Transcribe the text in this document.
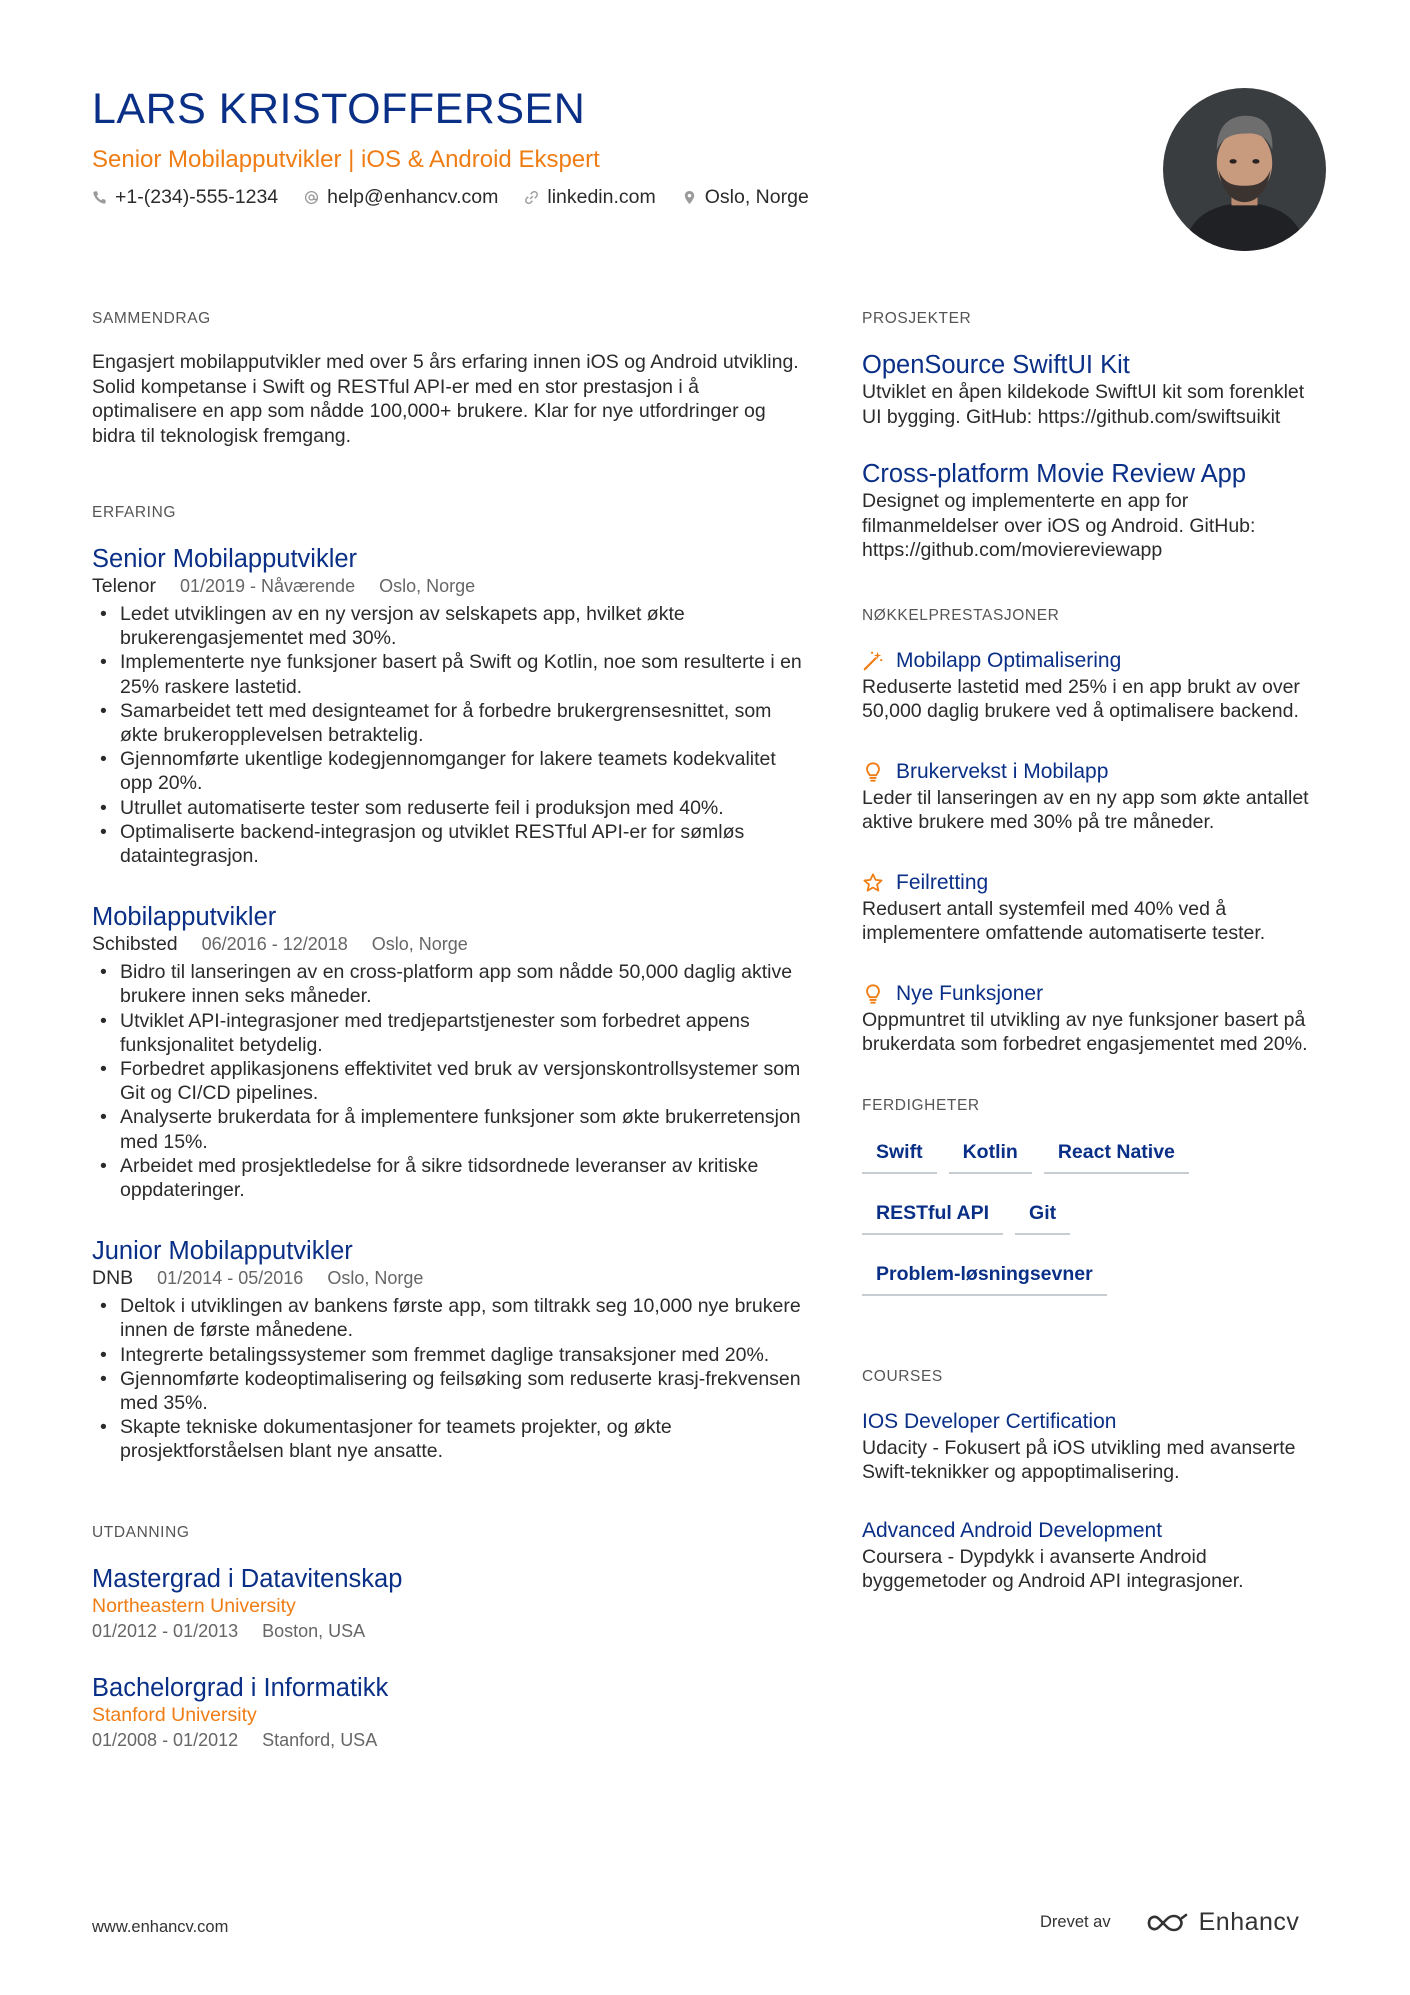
LARS KRISTOFFERSEN
Senior Mobilapputvikler | iOS & Android Ekspert
+1-(234)-555-1234	help@enhancv.com	linkedin.com	Oslo, Norge
SAMMENDRAG

Engasjert mobilapputvikler med over 5 års erfaring innen iOS og Android utvikling. Solid kompetanse i Swift og RESTful API-er med en stor prestasjon i å optimalisere en app som nådde 100,000+ brukere. Klar for nye utfordringer og bidra til teknologisk fremgang.

ERFARING
Senior Mobilapputvikler
Telenor 01/2019 - Nåværende Oslo, Norge
• Ledet utviklingen av en ny versjon av selskapets app, hvilket økte brukerengasjementet med 30%.
• Implementerte nye funksjoner basert på Swift og Kotlin, noe som resulterte i en 25% raskere lastetid.
• Samarbeidet tett med designteamet for å forbedre brukergrensesnittet, som økte brukeropplevelsen betraktelig.
• Gjennomførte ukentlige kodegjennomganger for lakere teamets kodekvalitet opp 20%.
• Utrullet automatiserte tester som reduserte feil i produksjon med 40%.
• Optimaliserte backend-integrasjon og utviklet RESTful API-er for sømløs dataintegrasjon.
Mobilapputvikler
Schibsted 06/2016 - 12/2018 Oslo, Norge
• Bidro til lanseringen av en cross-platform app som nådde 50,000 daglig aktive brukere innen seks måneder.
• Utviklet API-integrasjoner med tredjepartstjenester som forbedret appens funksjonalitet betydelig.
• Forbedret applikasjonens effektivitet ved bruk av versjonskontrollsystemer som Git og CI/CD pipelines.
• Analyserte brukerdata for å implementere funksjoner som økte brukerretensjon med 15%.
• Arbeidet med prosjektledelse for å sikre tidsordnede leveranser av kritiske oppdateringer.
Junior Mobilapputvikler
DNB 01/2014 - 05/2016 Oslo, Norge
• Deltok i utviklingen av bankens første app, som tiltrakk seg 10,000 nye brukere innen de første månedene.
• Integrerte betalingssystemer som fremmet daglige transaksjoner med 20%.
• Gjennomførte kodeoptimalisering og feilsøking som reduserte krasj-frekvensen med 35%.
• Skapte tekniske dokumentasjoner for teamets projekter, og økte prosjektforståelsen blant nye ansatte.
UTDANNING
Mastergrad i Datavitenskap
Northeastern University
01/2012 - 01/2013 Boston, USA
Bachelorgrad i Informatikk
Stanford University
01/2008 - 01/2012 Stanford, USA
PROSJEKTER
OpenSource SwiftUI Kit

Utviklet en åpen kildekode SwiftUI kit som forenklet UI bygging. GitHub: https://github.com/swiftsuikit

Cross-platform Movie Review App

Designet og implementerte en app for filmanmeldelser over iOS og Android. GitHub: https://github.com/moviereviewapp

NØKKELPRESTASJONER
Mobilapp Optimalisering

Reduserte lastetid med 25% i en app brukt av over 50,000 daglig brukere ved å optimalisere backend.

Brukervekst i Mobilapp

Leder til lanseringen av en ny app som økte antallet aktive brukere med 30% på tre måneder.

Feilretting

Redusert antall systemfeil med 40% ved å implementere omfattende automatiserte tester.

Nye Funksjoner

Oppmuntret til utvikling av nye funksjoner basert på brukerdata som forbedret engasjementet med 20%.

FERDIGHETER
Swift	Kotlin	React Native
RESTful API	Git
Problem-løsningsevner
COURSES
IOS Developer Certification

Udacity - Fokusert på iOS utvikling med avanserte Swift-teknikker og appoptimalisering.

Advanced Android Development

Coursera - Dypdykk i avanserte Android byggemetoder og Android API integrasjoner.

www.enhancv.com	Drevet av	Enhancv
